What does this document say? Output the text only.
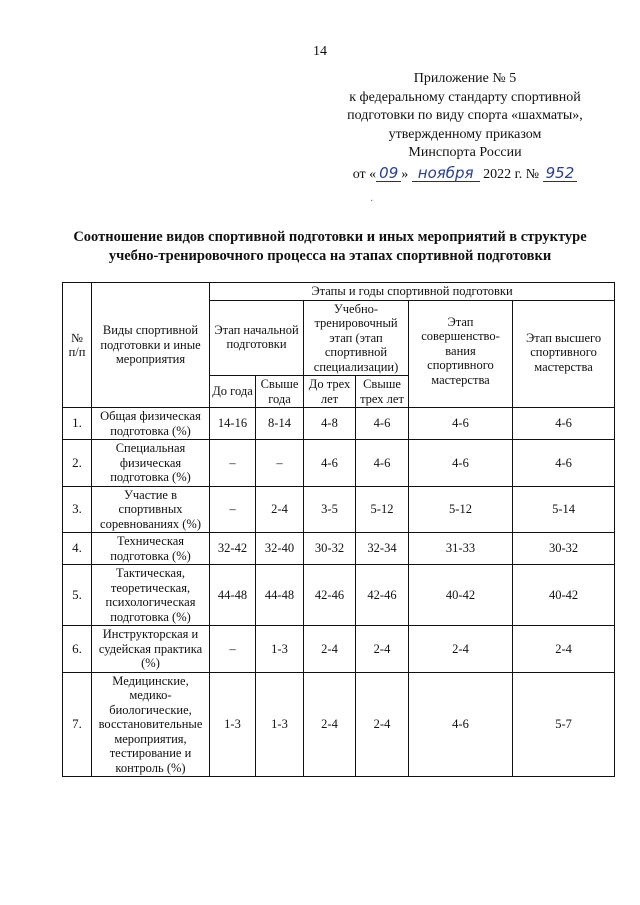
14
Приложение № 5
к федеральному стандарту спортивной
подготовки по виду спорта «шахматы»,
утвержденному приказом
Минспорта России
от « 09 » ноября 2022 г. № 952
·
Соотношение видов спортивной подготовки и иных мероприятий в структуре
учебно-тренировочного процесса на этапах спортивной подготовки
№ п/п	Виды спортивной подготовки и иные мероприятия	Этапы и годы спортивной подготовки					
		Этап начальной подготовки		Учебно-тренировочный этап (этап спортивной специализации)		Этап совершенство-вания спортивного мастерства	Этап высшего спортивного мастерства
		До года	Свыше года	До трех лет	Свыше трех лет		
1.	Общая физическая подготовка (%)	14-16	8-14	4-8	4-6	4-6	4-6
2.	Специальная физическая подготовка (%)	–	–	4-6	4-6	4-6	4-6
3.	Участие в спортивных соревнованиях (%)	–	2-4	3-5	5-12	5-12	5-14
4.	Техническая подготовка (%)	32-42	32-40	30-32	32-34	31-33	30-32
5.	Тактическая, теоретическая, психологическая подготовка (%)	44-48	44-48	42-46	42-46	40-42	40-42
6.	Инструкторская и судейская практика (%)	–	1-3	2-4	2-4	2-4	2-4
7.	Медицинские, медико-биологические, восстановительные мероприятия, тестирование и контроль (%)	1-3	1-3	2-4	2-4	4-6	5-7
